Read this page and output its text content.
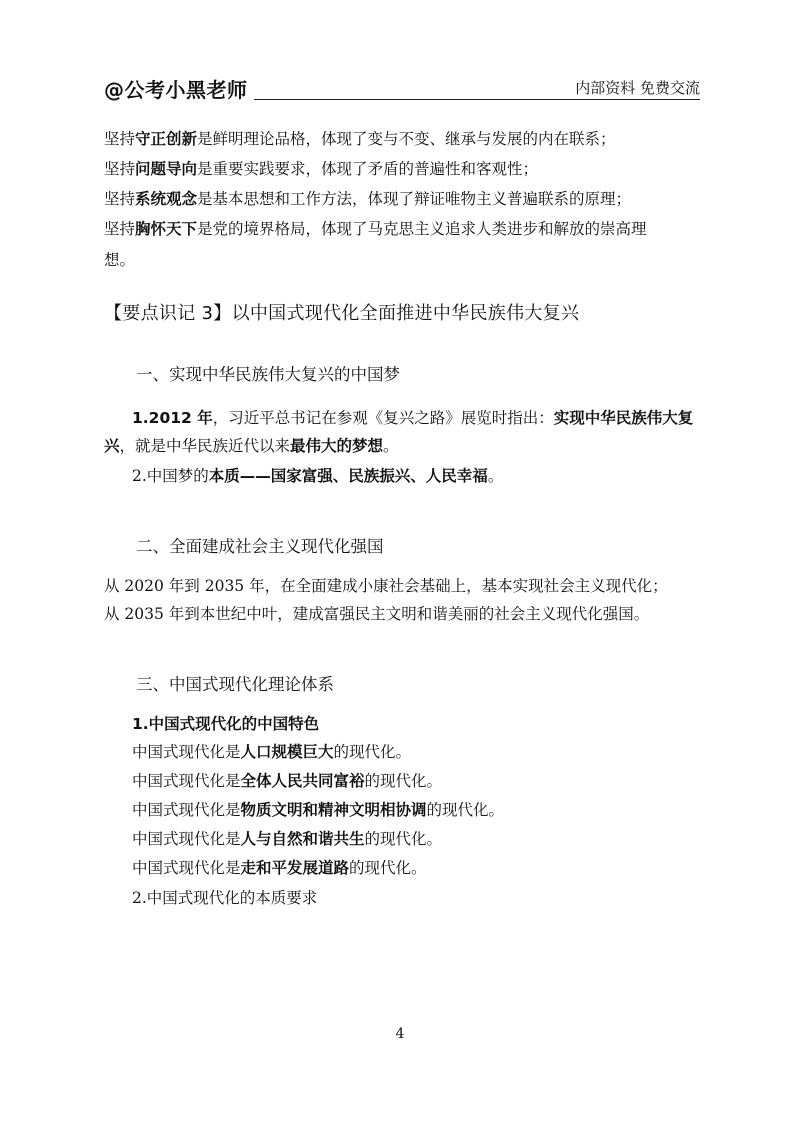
@公考小黑老师	内部资料 免费交流
坚持守正创新是鲜明理论品格，体现了变与不变、继承与发展的内在联系；
坚持问题导向是重要实践要求，体现了矛盾的普遍性和客观性；
坚持系统观念是基本思想和工作方法，体现了辩证唯物主义普遍联系的原理；
坚持胸怀天下是党的境界格局，体现了马克思主义追求人类进步和解放的崇高理
想。
【要点识记 3】以中国式现代化全面推进中华民族伟大复兴
一、实现中华民族伟大复兴的中国梦
1.2012 年，习近平总书记在参观《复兴之路》展览时指出：实现中华民族伟大复
兴，就是中华民族近代以来最伟大的梦想。
2.中国梦的本质——国家富强、民族振兴、人民幸福。
二、全面建成社会主义现代化强国
从 2020 年到 2035 年，在全面建成小康社会基础上，基本实现社会主义现代化；
从 2035 年到本世纪中叶，建成富强民主文明和谐美丽的社会主义现代化强国。
三、中国式现代化理论体系
1.中国式现代化的中国特色
中国式现代化是人口规模巨大的现代化。
中国式现代化是全体人民共同富裕的现代化。
中国式现代化是物质文明和精神文明相协调的现代化。
中国式现代化是人与自然和谐共生的现代化。
中国式现代化是走和平发展道路的现代化。
2.中国式现代化的本质要求
4
